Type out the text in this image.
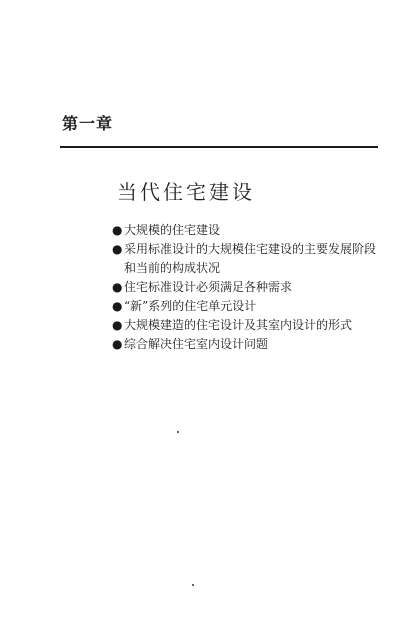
第一章
当代住宅建设
● 大规模的住宅建设
● 采用标准设计的大规模住宅建设的主要发展阶段和当前的构成状况
● 住宅标准设计必须满足各种需求
● “新”系列的住宅单元设计
● 大规模建造的住宅设计及其室内设计的形式
● 综合解决住宅室内设计问题
